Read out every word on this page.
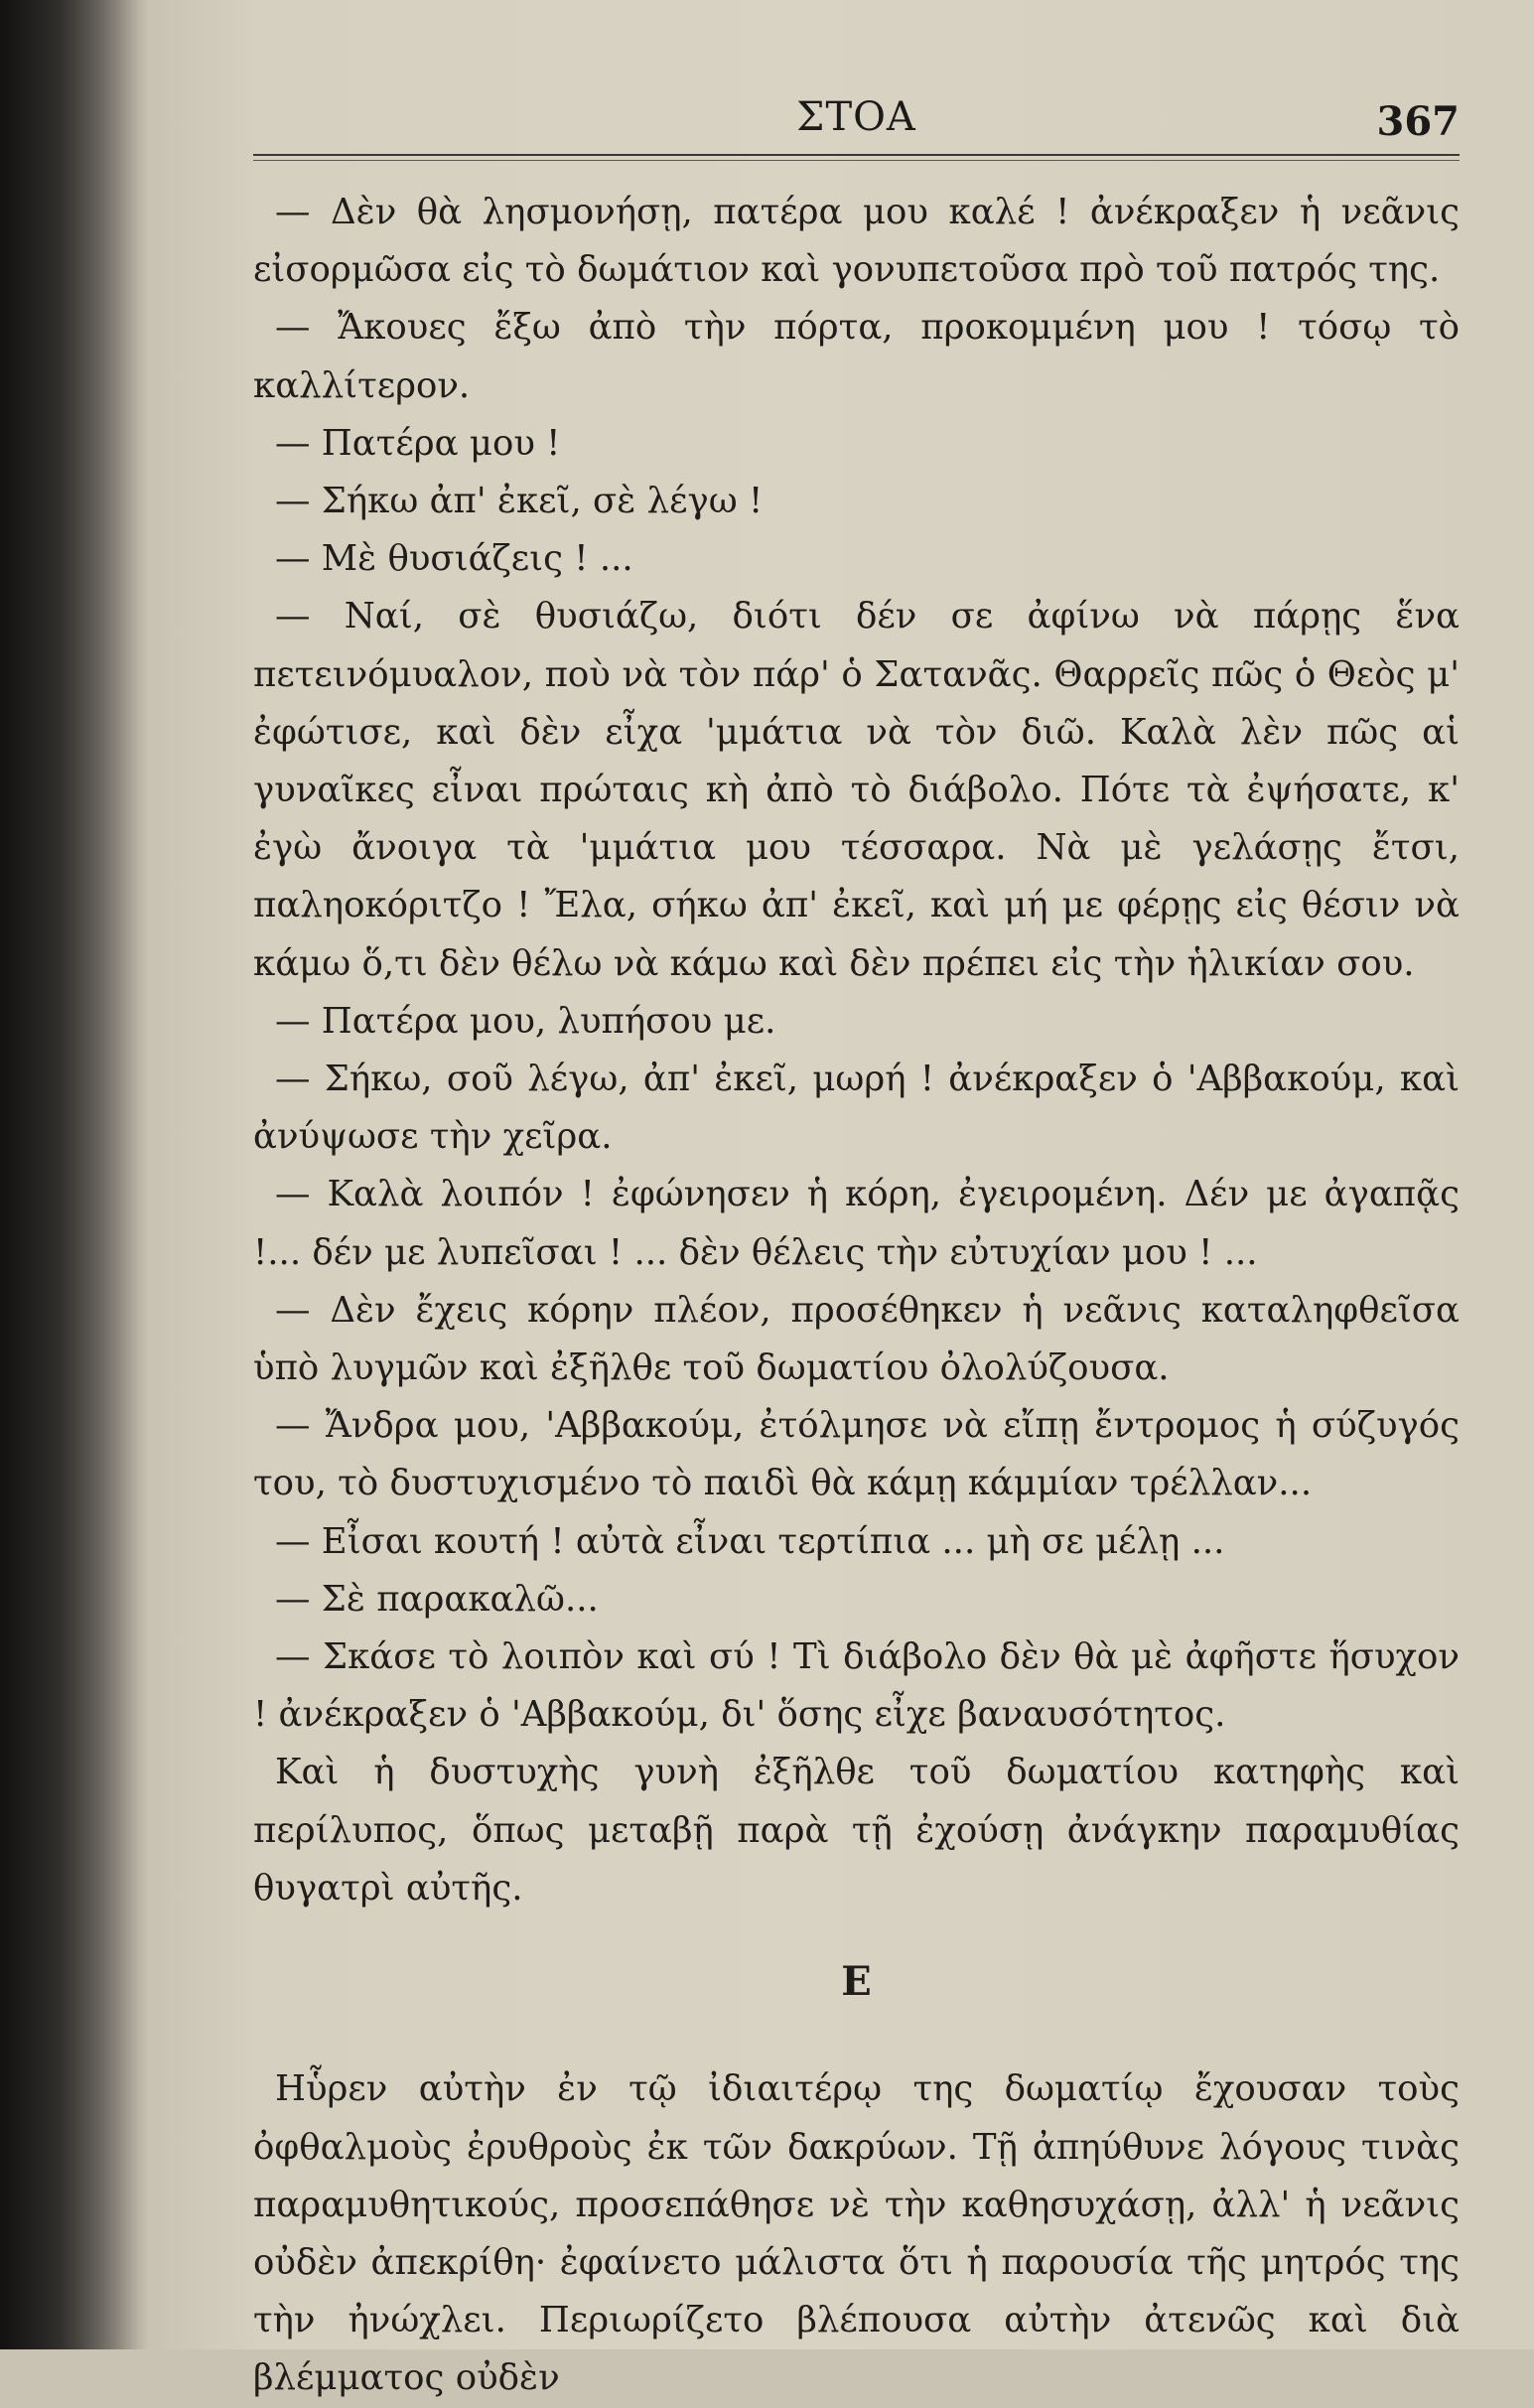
ΣΤΟΑ	367

— Δὲν θὰ λησμονήσῃ, πατέρα μου καλέ ! ἀνέκραξεν ἡ νεᾶνις εἰσορμῶσα εἰς τὸ δωμάτιον καὶ γονυπετοῦσα πρὸ τοῦ πατρός της.

— Ἄκουες ἔξω ἀπὸ τὴν πόρτα, προκομμένη μου ! τόσῳ τὸ καλλίτερον.

— Πατέρα μου !

— Σήκω ἀπ' ἐκεῖ, σὲ λέγω !

— Μὲ θυσιάζεις ! ...

— Ναί, σὲ θυσιάζω, διότι δέν σε ἀφίνω νὰ πάρῃς ἕνα πετεινόμυαλον, ποὺ νὰ τὸν πάρ' ὁ Σατανᾶς. Θαρρεῖς πῶς ὁ Θεὸς μ' ἐφώτισε, καὶ δὲν εἶχα 'μμάτια νὰ τὸν διῶ. Καλὰ λὲν πῶς αἱ γυναῖκες εἶναι πρώταις κὴ ἀπὸ τὸ διάβολο. Πότε τὰ ἐψήσατε, κ' ἐγὼ ἄνοιγα τὰ 'μμάτια μου τέσσαρα. Νὰ μὲ γελάσῃς ἔτσι, παληοκόριτζο ! Ἔλα, σήκω ἀπ' ἐκεῖ, καὶ μή με φέρῃς εἰς θέσιν νὰ κάμω ὅ,τι δὲν θέλω νὰ κάμω καὶ δὲν πρέπει εἰς τὴν ἡλικίαν σου.

— Πατέρα μου, λυπήσου με.

— Σήκω, σοῦ λέγω, ἀπ' ἐκεῖ, μωρή ! ἀνέκραξεν ὁ 'Αββακούμ, καὶ ἀνύψωσε τὴν χεῖρα.

— Καλὰ λοιπόν ! ἐφώνησεν ἡ κόρη, ἐγειρομένη. Δέν με ἀγαπᾷς !... δέν με λυπεῖσαι ! ... δὲν θέλεις τὴν εὐτυχίαν μου ! ...

— Δὲν ἔχεις κόρην πλέον, προσέθηκεν ἡ νεᾶνις καταληφθεῖσα ὑπὸ λυγμῶν καὶ ἐξῆλθε τοῦ δωματίου ὀλολύζουσα.

— Ἄνδρα μου, 'Αββακούμ, ἐτόλμησε νὰ εἴπῃ ἔντρομος ἡ σύζυγός του, τὸ δυστυχισμένο τὸ παιδὶ θὰ κάμῃ κάμμίαν τρέλλαν...

— Εἶσαι κουτή ! αὐτὰ εἶναι τερτίπια ... μὴ σε μέλῃ ...

— Σὲ παρακαλῶ...

— Σκάσε τὸ λοιπὸν καὶ σύ ! Τὶ διάβολο δὲν θὰ μὲ ἀφῆστε ἥσυχον ! ἀνέκραξεν ὁ 'Αββακούμ, δι' ὅσης εἶχε βαναυσότητος.

Καὶ ἡ δυστυχὴς γυνὴ ἐξῆλθε τοῦ δωματίου κατηφὴς καὶ περίλυπος, ὅπως μεταβῇ παρὰ τῇ ἐχούσῃ ἀνάγκην παραμυθίας θυγατρὶ αὐτῆς.

Ε

Ηὗρεν αὐτὴν ἐν τῷ ἰδιαιτέρῳ της δωματίῳ ἔχουσαν τοὺς ὀφθαλμοὺς ἐρυθροὺς ἐκ τῶν δακρύων. Τῇ ἀπηύθυνε λόγους τινὰς παραμυθητικούς, προσεπάθησε νὲ τὴν καθησυχάσῃ, ἀλλ' ἡ νεᾶνις οὐδὲν ἀπεκρίθη· ἐφαίνετο μάλιστα ὅτι ἡ παρουσία τῆς μητρός της τὴν ἠνώχλει. Περιωρίζετο βλέπουσα αὐτὴν ἀτενῶς καὶ διὰ βλέμματος οὐδὲν
